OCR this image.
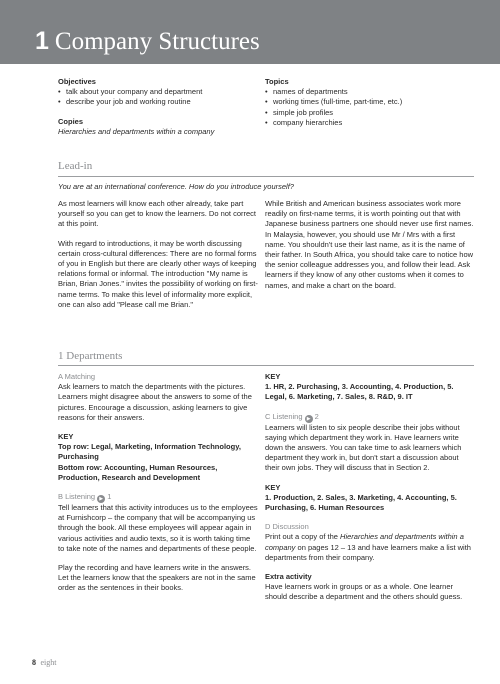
1 Company Structures

Objectives

• talk about your company and department

• describe your job and working routine

Copies

Hierarchies and departments within a company

Topics

• names of departments

• working times (full-time, part-time, etc.)

• simple job profiles

• company hierarchies

Lead-in
You are at an international conference. How do you introduce yourself?

As most learners will know each other already, take part yourself so you can get to know the learners. Do not correct at this point.

With regard to introductions, it may be worth discussing certain cross-cultural differences: There are no formal forms of you in English but there are clearly other ways of keeping relations formal or informal. The introduction "My name is Brian, Brian Jones." invites the possibility of working on first-name terms. To make this level of informality more explicit, one can also add "Please call me Brian."

While British and American business associates work more readily on first-name terms, it is worth pointing out that with Japanese business partners one should never use first names. In Malaysia, however, you should use Mr / Mrs with a first name. You shouldn't use their last name, as it is the name of their father. In South Africa, you should take care to notice how the senior colleague addresses you, and follow their lead. Ask learners if they know of any other customs when it comes to names, and make a chart on the board.

1 Departments

A Matching

Ask learners to match the departments with the pictures. Learners might disagree about the answers to some of the pictures. Encourage a discussion, asking learners to give reasons for their answers.

KEY

Top row: Legal, Marketing, Information Technology, Purchasing

Bottom row: Accounting, Human Resources, Production, Research and Development

B Listening ▶ 1

Tell learners that this activity introduces us to the employees at Furnishcorp – the company that will be accompanying us through the book. All these employees will appear again in various activities and audio texts, so it is worth taking time to take note of the names and departments of these people.

Play the recording and have learners write in the answers. Let the learners know that the speakers are not in the same order as the sentences in their books.

KEY

1. HR, 2. Purchasing, 3. Accounting, 4. Production, 5. Legal, 6. Marketing, 7. Sales, 8. R&D, 9. IT

C Listening ▶ 2

Learners will listen to six people describe their jobs without saying which department they work in. Have learners write down the answers. You can take time to ask learners which department they work in, but don't start a discussion about their own jobs. They will discuss that in Section 2.

KEY

1. Production, 2. Sales, 3. Marketing, 4. Accounting, 5. Purchasing, 6. Human Resources

D Discussion

Print out a copy of the Hierarchies and departments within a company on pages 12 – 13 and have learners make a list with departments from their company.

Extra activity

Have learners work in groups or as a whole. One learner should describe a department and the others should guess.

8 eight
